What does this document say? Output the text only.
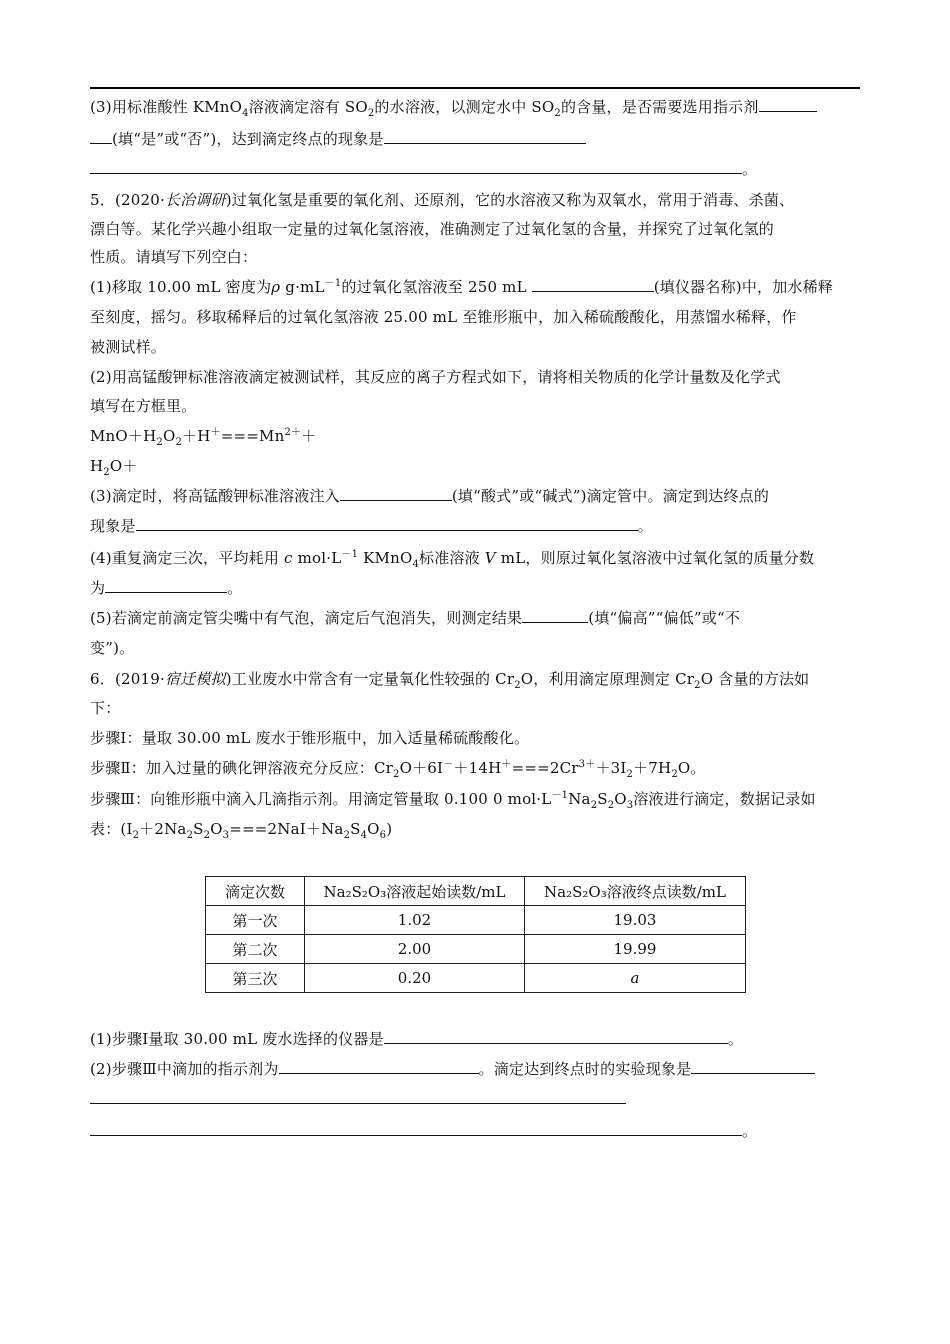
(3)用标准酸性 KMnO$_4$溶液滴定溶有 $SO_2$的水溶液，以测定水中 $SO_2$的含量，是否需要选用指示剂
(填“是”或“否”)，达到滴定终点的现象是
。
5．(2020·长治调研)过氧化氢是重要的氧化剂、还原剂，它的水溶液又称为双氧水，常用于消毒、杀菌、
漂白等。某化学兴趣小组取一定量的过氧化氢溶液，准确测定了过氧化氢的含量，并探究了过氧化氢的
性质。请填写下列空白：
(1)移取 10.00 mL 密度为ρ $g\cdot mL^{-1}$的过氧化氢溶液至 250 mL	(填仪器名称)中，加水稀释
至刻度，摇匀。移取稀释后的过氧化氢溶液 25.00 mL 至锥形瓶中，加入稀硫酸酸化，用蒸馏水稀释，作
被测试样。
(2)用高锰酸钾标准溶液滴定被测试样，其反应的离子方程式如下，请将相关物质的化学计量数及化学式
填写在方框里。
$MnO+H_2O_2+H^+===Mn^{2+}+$
$H_2O+$
(3)滴定时，将高锰酸钾标准溶液注入	(填“酸式”或“碱式”)滴定管中。滴定到达终点的
现象是	。
(4)重复滴定三次，平均耗用 c $mol\cdot L^{-1}$ KMnO$_4$标准溶液 V mL，则原过氧化氢溶液中过氧化氢的质量分数
为	。
(5)若滴定前滴定管尖嘴中有气泡，滴定后气泡消失，则测定结果	(填“偏高”“偏低”或“不
变”)。
6．(2019·宿迁模拟)工业废水中常含有一定量氧化性较强的 $Cr_2O$，利用滴定原理测定 $Cr_2O$ 含量的方法如
下：
步骤Ⅰ：量取 30.00 mL 废水于锥形瓶中，加入适量稀硫酸酸化。
步骤Ⅱ：加入过量的碘化钾溶液充分反应：$Cr_2O+6I^-+14H^+===2Cr^{3+}+3I_2+7H_2O$。
步骤Ⅲ：向锥形瓶中滴入几滴指示剂。用滴定管量取 0.100 0 $mol\cdot L^{-1}Na_2S_2O_3$溶液进行滴定，数据记录如
表：$(I_2+2Na_2S_2O_3===2NaI+Na_2S_4O_6)$
滴定次数	Na₂S₂O₃溶液起始读数/mL	Na₂S₂O₃溶液终点读数/mL
第一次	1.02	19.03
第二次	2.00	19.99
第三次	0.20	a
(1)步骤Ⅰ量取 30.00 mL 废水选择的仪器是	。
(2)步骤Ⅲ中滴加的指示剂为	。滴定达到终点时的实验现象是
。
